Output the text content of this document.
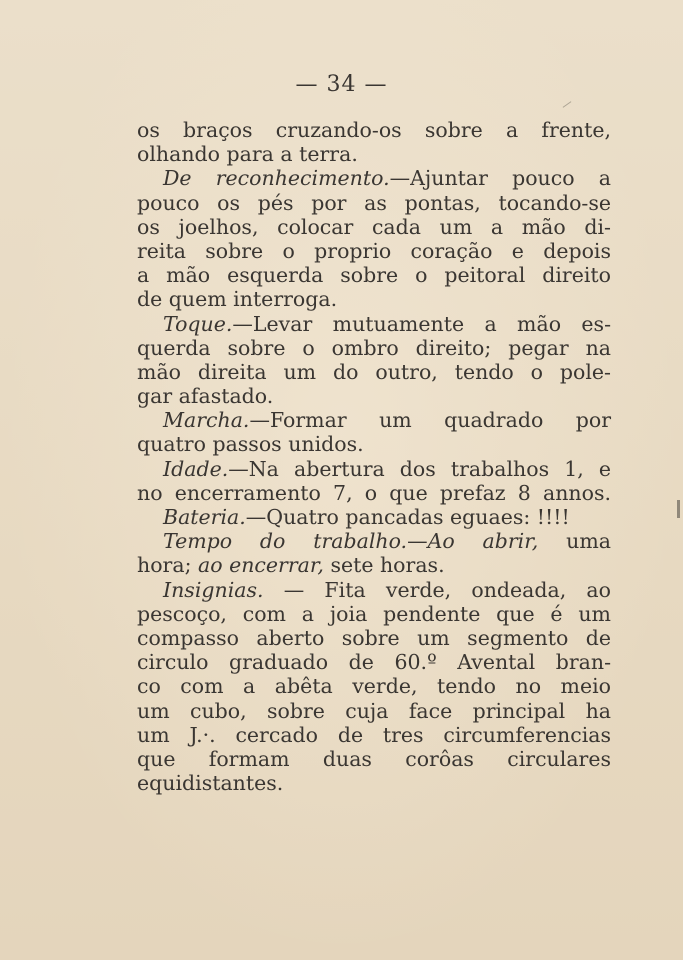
— 34 —
os braços cruzando-os sobre a frente,
olhando para a terra.
De reconhecimento.—Ajuntar pouco a
pouco os pés por as pontas, tocando-se
os joelhos, colocar cada um a mão di-
reita sobre o proprio coração e depois
a mão esquerda sobre o peitoral direito
de quem interroga.
Toque.—Levar mutuamente a mão es-
querda sobre o ombro direito; pegar na
mão direita um do outro, tendo o pole-
gar afastado.
Marcha.—Formar um quadrado por
quatro passos unidos.
Idade.—Na abertura dos trabalhos 1, e
no encerramento 7, o que prefaz 8 annos.
Bateria.—Quatro pancadas eguaes: !!!!
Tempo do trabalho.—Ao abrir, uma
hora; ao encerrar, sete horas.
Insignias. — Fita verde, ondeada, ao
pescoço, com a joia pendente que é um
compasso aberto sobre um segmento de
circulo graduado de 60.º Avental bran-
co com a abêta verde, tendo no meio
um cubo, sobre cuja face principal ha
um J.·. cercado de tres circumferencias
que formam duas corôas circulares
equidistantes.
